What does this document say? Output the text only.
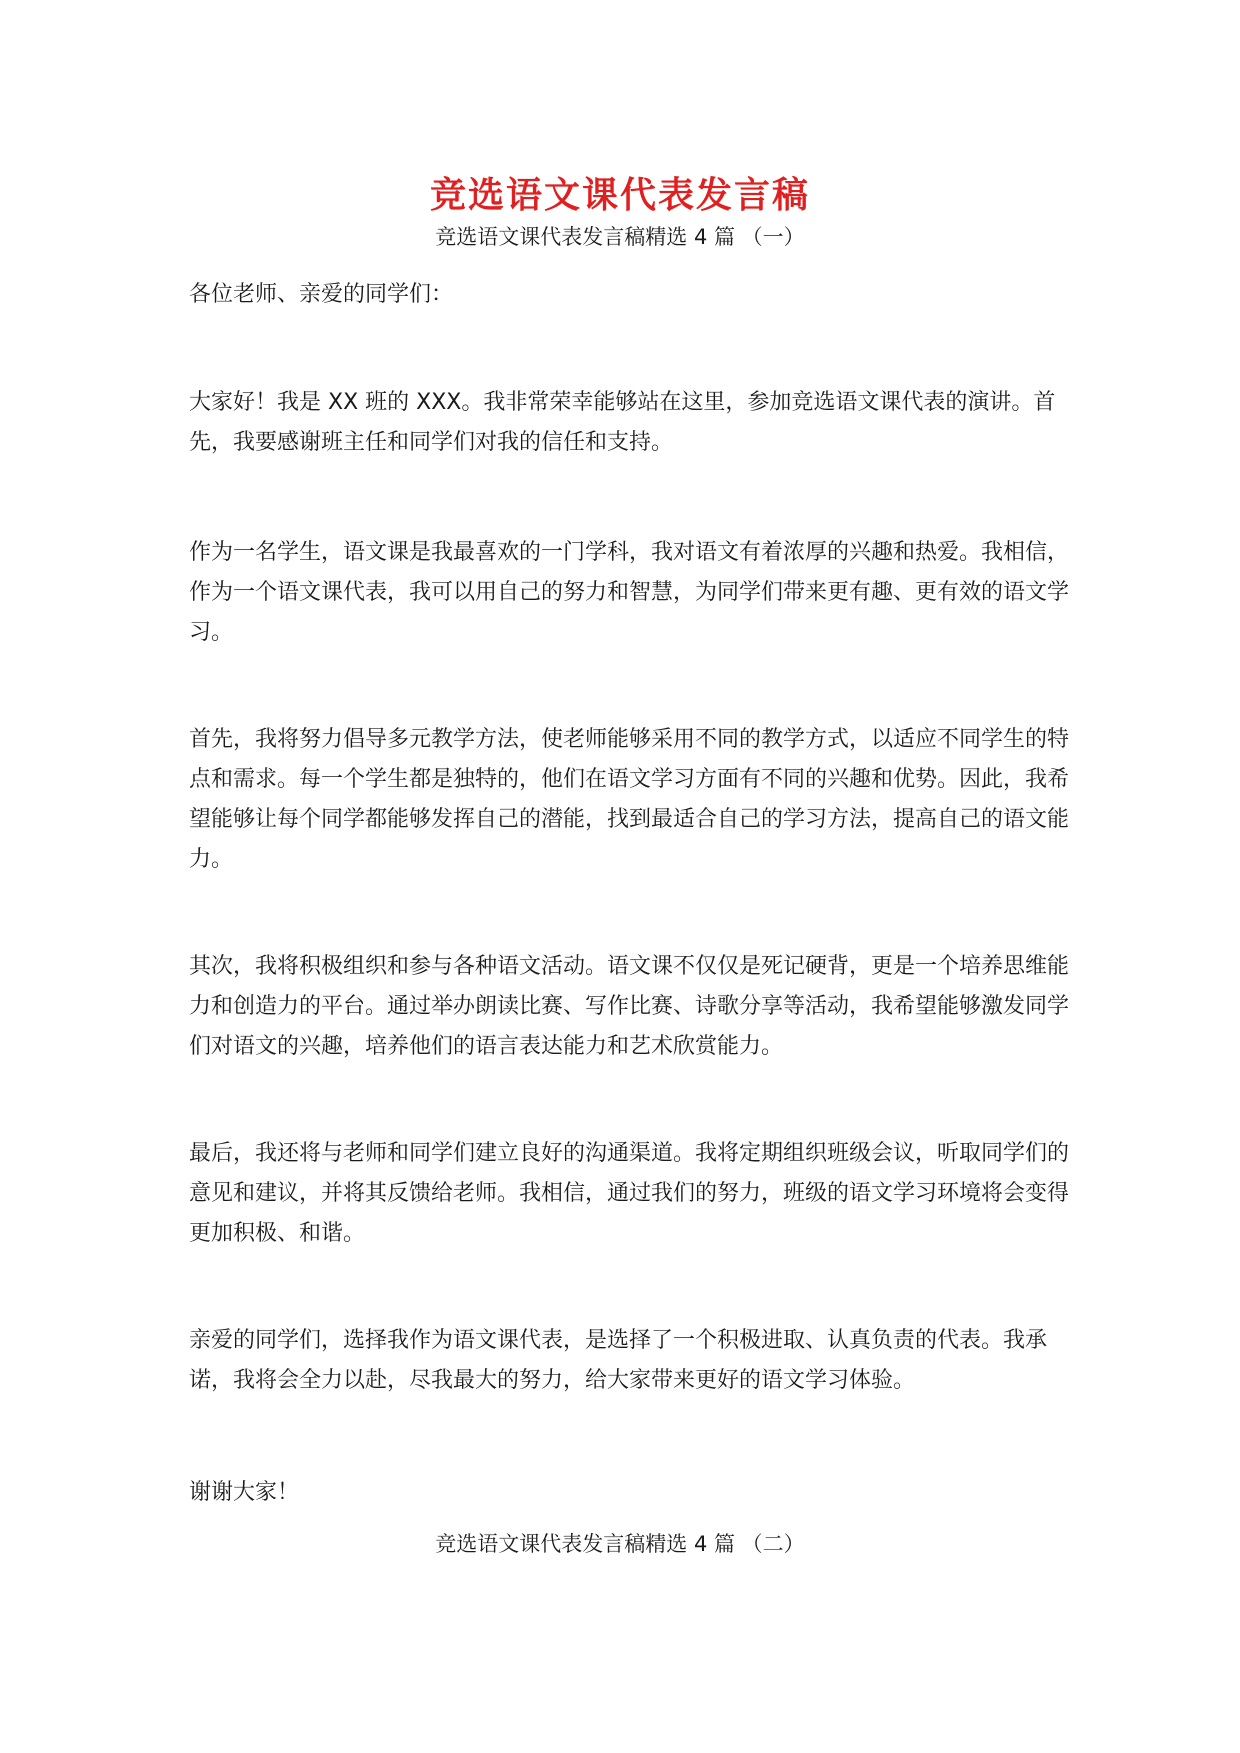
竞选语文课代表发言稿
竞选语文课代表发言稿精选 4 篇 （一）

各位老师、亲爱的同学们：

大家好！我是 XX 班的 XXX。我非常荣幸能够站在这里，参加竞选语文课代表的演讲。首先，我要感谢班主任和同学们对我的信任和支持。

作为一名学生，语文课是我最喜欢的一门学科，我对语文有着浓厚的兴趣和热爱。我相信，作为一个语文课代表，我可以用自己的努力和智慧，为同学们带来更有趣、更有效的语文学习。

首先，我将努力倡导多元教学方法，使老师能够采用不同的教学方式，以适应不同学生的特点和需求。每一个学生都是独特的，他们在语文学习方面有不同的兴趣和优势。因此，我希望能够让每个同学都能够发挥自己的潜能，找到最适合自己的学习方法，提高自己的语文能力。

其次，我将积极组织和参与各种语文活动。语文课不仅仅是死记硬背，更是一个培养思维能力和创造力的平台。通过举办朗读比赛、写作比赛、诗歌分享等活动，我希望能够激发同学们对语文的兴趣，培养他们的语言表达能力和艺术欣赏能力。

最后，我还将与老师和同学们建立良好的沟通渠道。我将定期组织班级会议，听取同学们的意见和建议，并将其反馈给老师。我相信，通过我们的努力，班级的语文学习环境将会变得更加积极、和谐。

亲爱的同学们，选择我作为语文课代表，是选择了一个积极进取、认真负责的代表。我承诺，我将会全力以赴，尽我最大的努力，给大家带来更好的语文学习体验。

谢谢大家！

竞选语文课代表发言稿精选 4 篇 （二）
